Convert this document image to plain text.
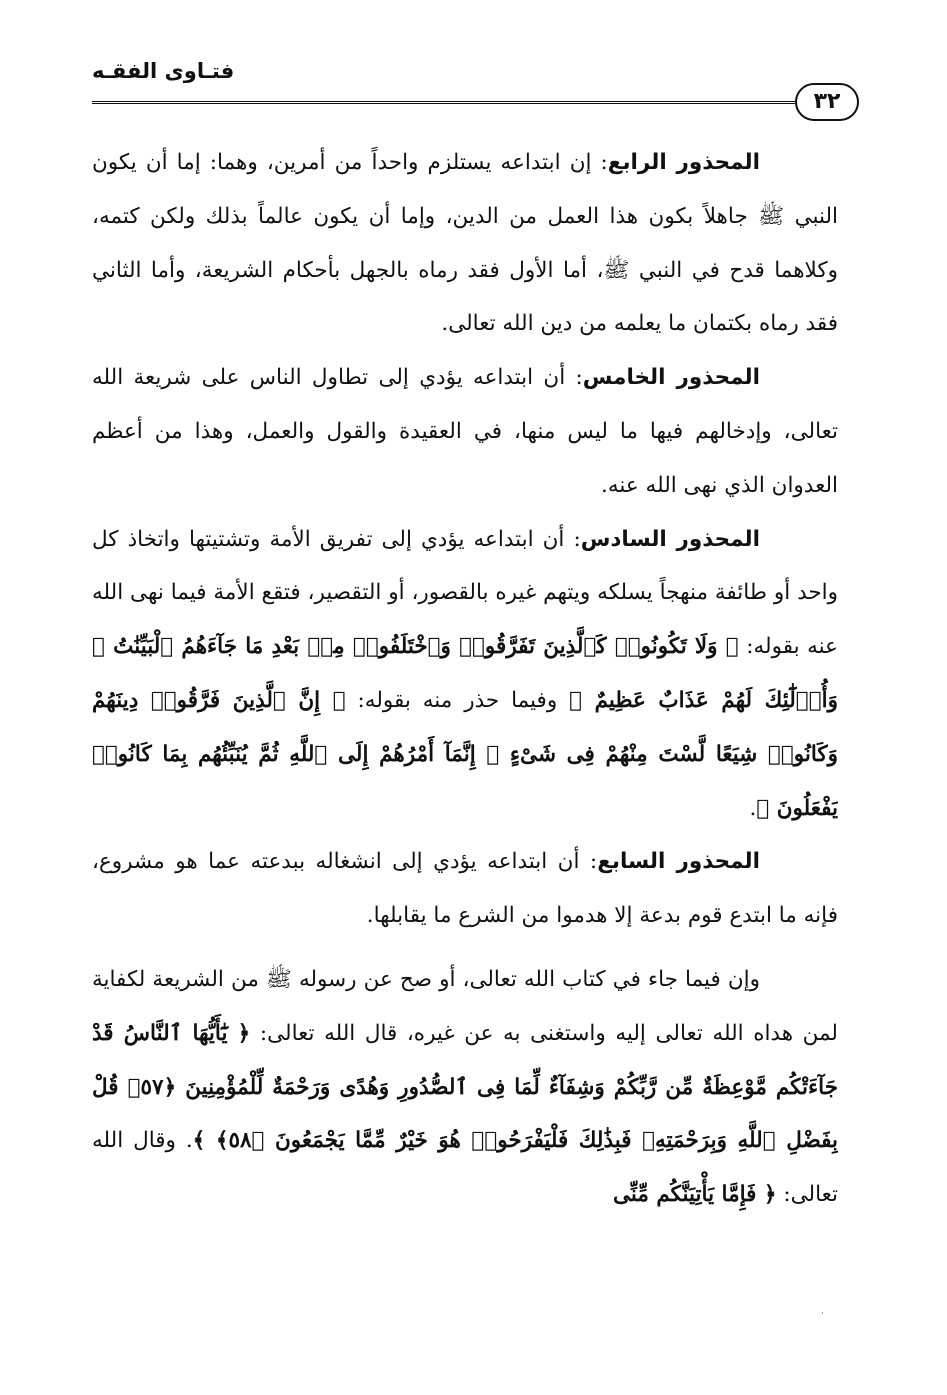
فتـاوى الفقـه
٣٢

المحذور الرابع: إن ابتداعه يستلزم واحداً من أمرين، وهما: إما أن يكون النبي ﷺ جاهلاً بكون هذا العمل من الدين، وإما أن يكون عالماً بذلك ولكن كتمه، وكلاهما قدح في النبي ﷺ، أما الأول فقد رماه بالجهل بأحكام الشريعة، وأما الثاني فقد رماه بكتمان ما يعلمه من دين الله تعالى.

المحذور الخامس: أن ابتداعه يؤدي إلى تطاول الناس على شريعة الله تعالى، وإدخالهم فيها ما ليس منها، في العقيدة والقول والعمل، وهذا من أعظم العدوان الذي نهى الله عنه.

المحذور السادس: أن ابتداعه يؤدي إلى تفريق الأمة وتشتيتها واتخاذ كل واحد أو طائفة منهجاً يسلكه ويتهم غيره بالقصور، أو التقصير، فتقع الأمة فيما نهى الله عنه بقوله: ﴿ وَلَا تَكُونُوا۟ كَٱلَّذِينَ تَفَرَّقُوا۟ وَٱخْتَلَفُوا۟ مِنۢ بَعْدِ مَا جَآءَهُمُ ٱلْبَيِّنَٰتُ ۚ وَأُو۟لَٰٓئِكَ لَهُمْ عَذَابٌ عَظِيمٌ ﴾ وفيما حذر منه بقوله: ﴿ إِنَّ ٱلَّذِينَ فَرَّقُوا۟ دِينَهُمْ وَكَانُوا۟ شِيَعًا لَّسْتَ مِنْهُمْ فِى شَىْءٍ ۚ إِنَّمَآ أَمْرُهُمْ إِلَى ٱللَّهِ ثُمَّ يُنَبِّئُهُم بِمَا كَانُوا۟ يَفْعَلُونَ ﴾.

المحذور السابع: أن ابتداعه يؤدي إلى انشغاله ببدعته عما هو مشروع، فإنه ما ابتدع قوم بدعة إلا هدموا من الشرع ما يقابلها.

وإن فيما جاء في كتاب الله تعالى، أو صح عن رسوله ﷺ من الشريعة لكفاية لمن هداه الله تعالى إليه واستغنى به عن غيره، قال الله تعالى: ﴿ يَٰٓأَيُّهَا ٱلنَّاسُ قَدْ جَآءَتْكُم مَّوْعِظَةٌ مِّن رَّبِّكُمْ وَشِفَآءٌ لِّمَا فِى ٱلصُّدُورِ وَهُدًى وَرَحْمَةٌ لِّلْمُؤْمِنِينَ ﴿٥٧﴾ قُلْ بِفَضْلِ ٱللَّهِ وَبِرَحْمَتِهِۦ فَبِذَٰلِكَ فَلْيَفْرَحُوا۟ هُوَ خَيْرٌ مِّمَّا يَجْمَعُونَ ﴿٥٨﴾ ﴾. وقال الله تعالى: ﴿ فَإِمَّا يَأْتِيَنَّكُم مِّنِّى

˙
